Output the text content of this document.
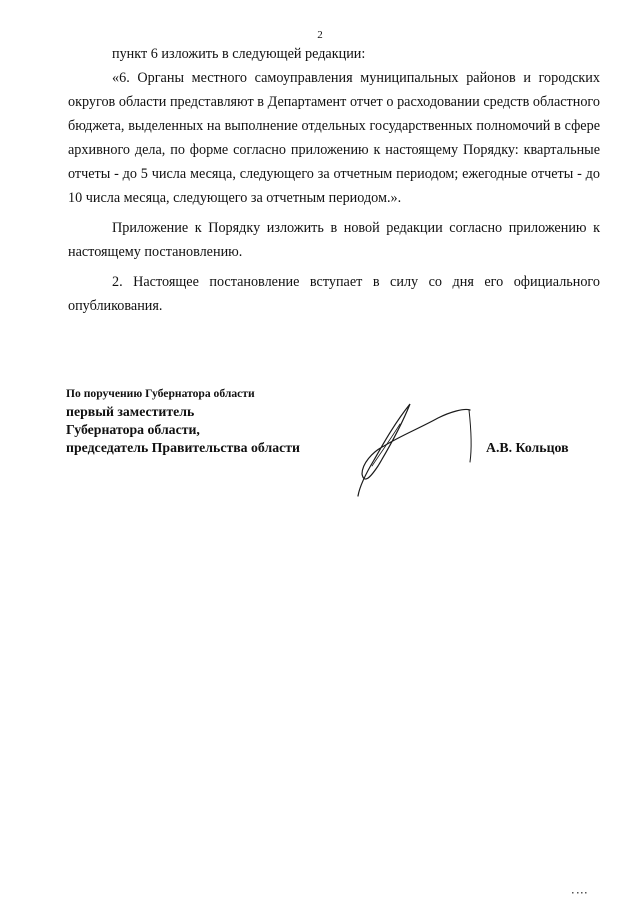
2

пункт 6 изложить в следующей редакции:

«6. Органы местного самоуправления муниципальных районов и городских округов области представляют в Департамент отчет о расходовании средств областного бюджета, выделенных на выполнение отдельных государственных полномочий в сфере архивного дела, по форме согласно приложению к настоящему Порядку: квартальные отчеты - до 5 числа месяца, следующего за отчетным периодом; ежегодные отчеты - до 10 числа месяца, следующего за отчетным периодом.».

Приложение к Порядку изложить в новой редакции согласно приложению к настоящему постановлению.

2. Настоящее постановление вступает в силу со дня его официального опубликования.

По поручению Губернатора области
первый заместитель
Губернатора области,
председатель Правительства области	А.В. Кольцов
